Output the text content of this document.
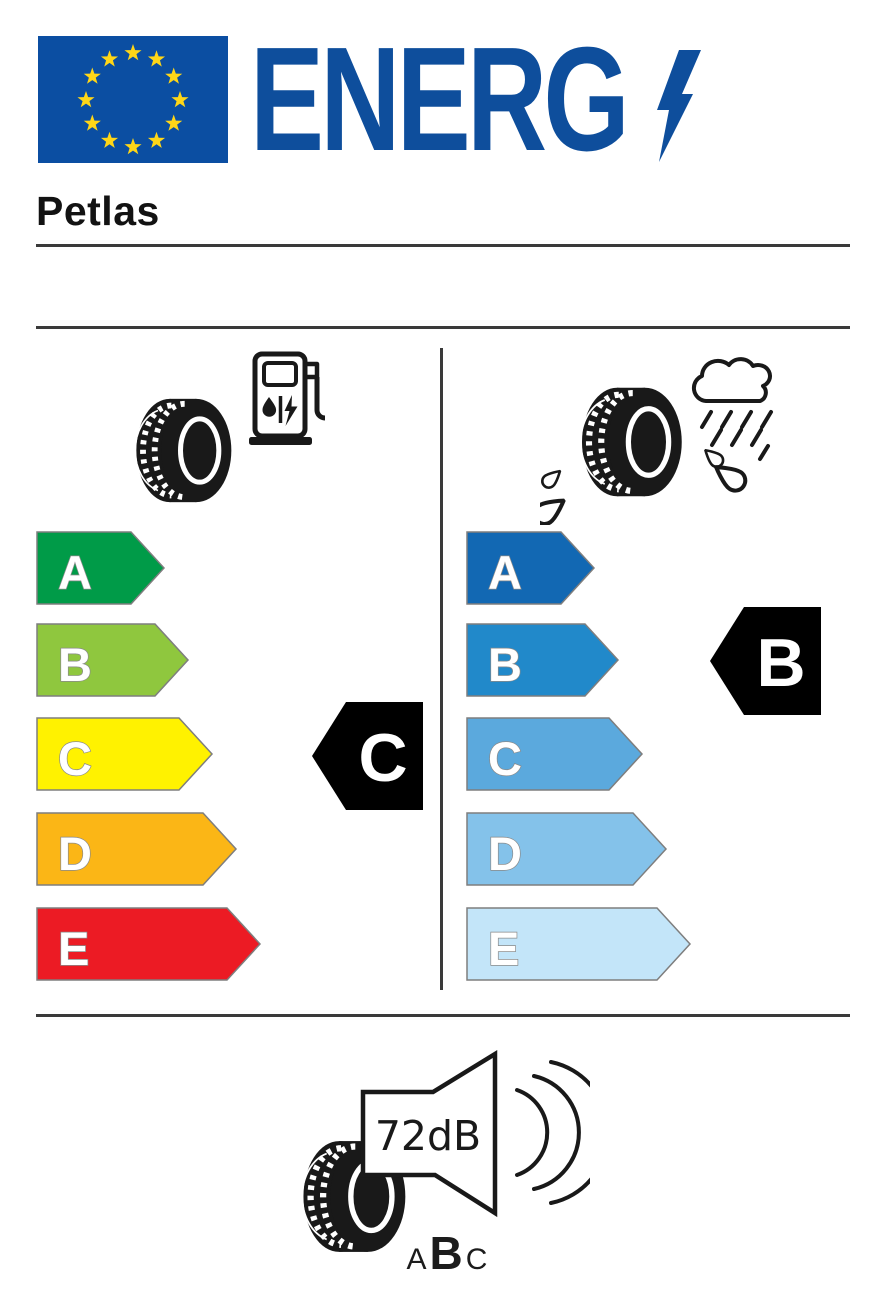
ENERG
Petlas
A
B
C
D
E
A
B
C
D
E
C
B
72dB
A B C
